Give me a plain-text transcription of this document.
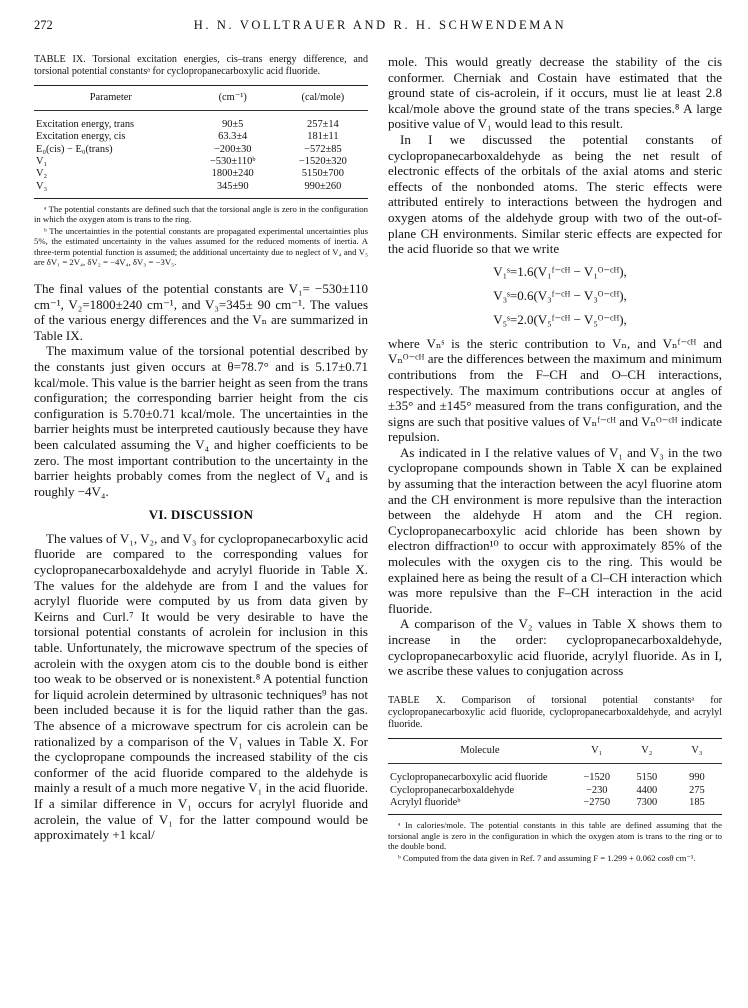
272	H. N. VOLLTRAUER AND R. H. SCHWENDEMAN

TABLE IX. Torsional excitation energies, cis–trans energy difference, and torsional potential constantsᵃ for cyclopropanecarboxylic acid fluoride.

Parameter	(cm⁻¹)	(cal/mole)

Excitation energy, trans	90±5	257±14
Excitation energy, cis	63.3±4	181±11
E₀(cis) − E₀(trans)	−200±30	−572±85
V₁	−530±110ᵇ	−1520±320
V₂	1800±240	5150±700
V₃	345±90	990±260

ᵃ The potential constants are defined such that the torsional angle is zero in the configuration in which the oxygen atom is trans to the ring.

ᵇ The uncertainties in the potential constants are propagated experimental uncertainties plus 5%, the estimated uncertainty in the values assumed for the reduced moments of inertia. A three-term potential function is assumed; the additional uncertainty due to neglect of V₄ and V₅ are δV₁ = 2V₄, δV₂ = −4V₄, δV₃ = −3V₅.

The final values of the potential constants are V₁= −530±110 cm⁻¹, V₂=1800±240 cm⁻¹, and V₃=345± 90 cm⁻¹. The values of the various energy differences and the Vₙ are summarized in Table IX.

The maximum value of the torsional potential described by the constants just given occurs at θ=78.7° and is 5.17±0.71 kcal/mole. This value is the barrier height as seen from the trans configuration; the corresponding barrier height from the cis configuration is 5.70±0.71 kcal/mole. The uncertainties in the barrier heights must be interpreted cautiously because they have been calculated assuming the V₄ and higher coefficients to be zero. The most important contribution to the uncertainty in the barrier heights probably comes from the neglect of V₄ and is roughly −4V₄.

VI. DISCUSSION

The values of V₁, V₂, and V₃ for cyclopropanecarboxylic acid fluoride are compared to the corresponding values for cyclopropanecarboxaldehyde and acrylyl fluoride in Table X. The values for the aldehyde are from I and the values for acrylyl fluoride were computed by us from data given by Keirns and Curl.⁷ It would be very desirable to have the torsional potential constants of acrolein for inclusion in this table. Unfortunately, the microwave spectrum of the species of acrolein with the oxygen atom cis to the double bond is either too weak to be observed or is nonexistent.⁸ A potential function for liquid acrolein determined by ultrasonic techniques⁹ has not been included because it is for the liquid rather than the gas. The absence of a microwave spectrum for cis acrolein can be rationalized by a comparison of the V₁ values in Table X. For the cyclopropane compounds the increased stability of the cis conformer of the acid fluoride compared to the aldehyde is mainly a result of a much more negative V₁ in the acid fluoride. If a similar difference in V₁ occurs for acrylyl fluoride and acrolein, the value of V₁ for the latter compound would be approximately +1 kcal/

mole. This would greatly decrease the stability of the cis conformer. Cherniak and Costain have estimated that the ground state of cis-acrolein, if it occurs, must lie at least 2.8 kcal/mole above the ground state of the trans species.⁸ A large positive value of V₁ would lead to this result.

In I we discussed the potential constants of cyclopropanecarboxaldehyde as being the net result of electronic effects of the orbitals of the axial atoms and steric effects of the nonbonded atoms. The steric effects were attributed entirely to interactions between the hydrogen and oxygen atoms of the aldehyde group with two of the out-of-plane CH environments. Similar steric effects are expected for the acid fluoride so that we write

V₁ˢ=1.6(V₁ᶠ⁻ᶜᴴ − V₁ᴼ⁻ᶜᴴ),
V₃ˢ=0.6(V₃ᶠ⁻ᶜᴴ − V₃ᴼ⁻ᶜᴴ),
V₅ˢ=2.0(V₅ᶠ⁻ᶜᴴ − V₅ᴼ⁻ᶜᴴ),

where Vₙˢ is the steric contribution to Vₙ, and Vₙᶠ⁻ᶜᴴ and Vₙᴼ⁻ᶜᴴ are the differences between the maximum and minimum contributions from the F–CH and O–CH interactions, respectively. The maximum contributions occur at angles of ±35° and ±145° measured from the trans configuration, and the signs are such that positive values of Vₙᶠ⁻ᶜᴴ and Vₙᴼ⁻ᶜᴴ indicate repulsion.

As indicated in I the relative values of V₁ and V₃ in the two cyclopropane compounds shown in Table X can be explained by assuming that the interaction between the acyl fluorine atom and the CH environment is more repulsive than the interaction between the aldehyde H atom and the CH region. Cyclopropanecarboxylic acid chloride has been shown by electron diffraction¹⁰ to occur with approximately 85% of the molecules with the oxygen cis to the ring. This would be explained here as being the result of a Cl–CH interaction which was more repulsive than the F–CH interaction in the acid fluoride.

A comparison of the V₂ values in Table X shows them to increase in the order: cyclopropanecarboxaldehyde, cyclopropanecarboxylic acid fluoride, acrylyl fluoride. As in I, we ascribe these values to conjugation across

TABLE X. Comparison of torsional potential constantsᵃ for cyclopropanecarboxylic acid fluoride, cyclopropanecarboxaldehyde, and acrylyl fluoride.

Molecule	V₁	V₂	V₃

Cyclopropanecarboxylic acid fluoride	−1520	5150	990
Cyclopropanecarboxaldehyde	−230	4400	275
Acrylyl fluorideᵇ	−2750	7300	185

ᵃ In calories/mole. The potential constants in this table are defined assuming that the torsional angle is zero in the configuration in which the oxygen atom is trans to the ring or to the double bond.

ᵇ Computed from the data given in Ref. 7 and assuming F = 1.299 + 0.062 cosθ cm⁻¹.
